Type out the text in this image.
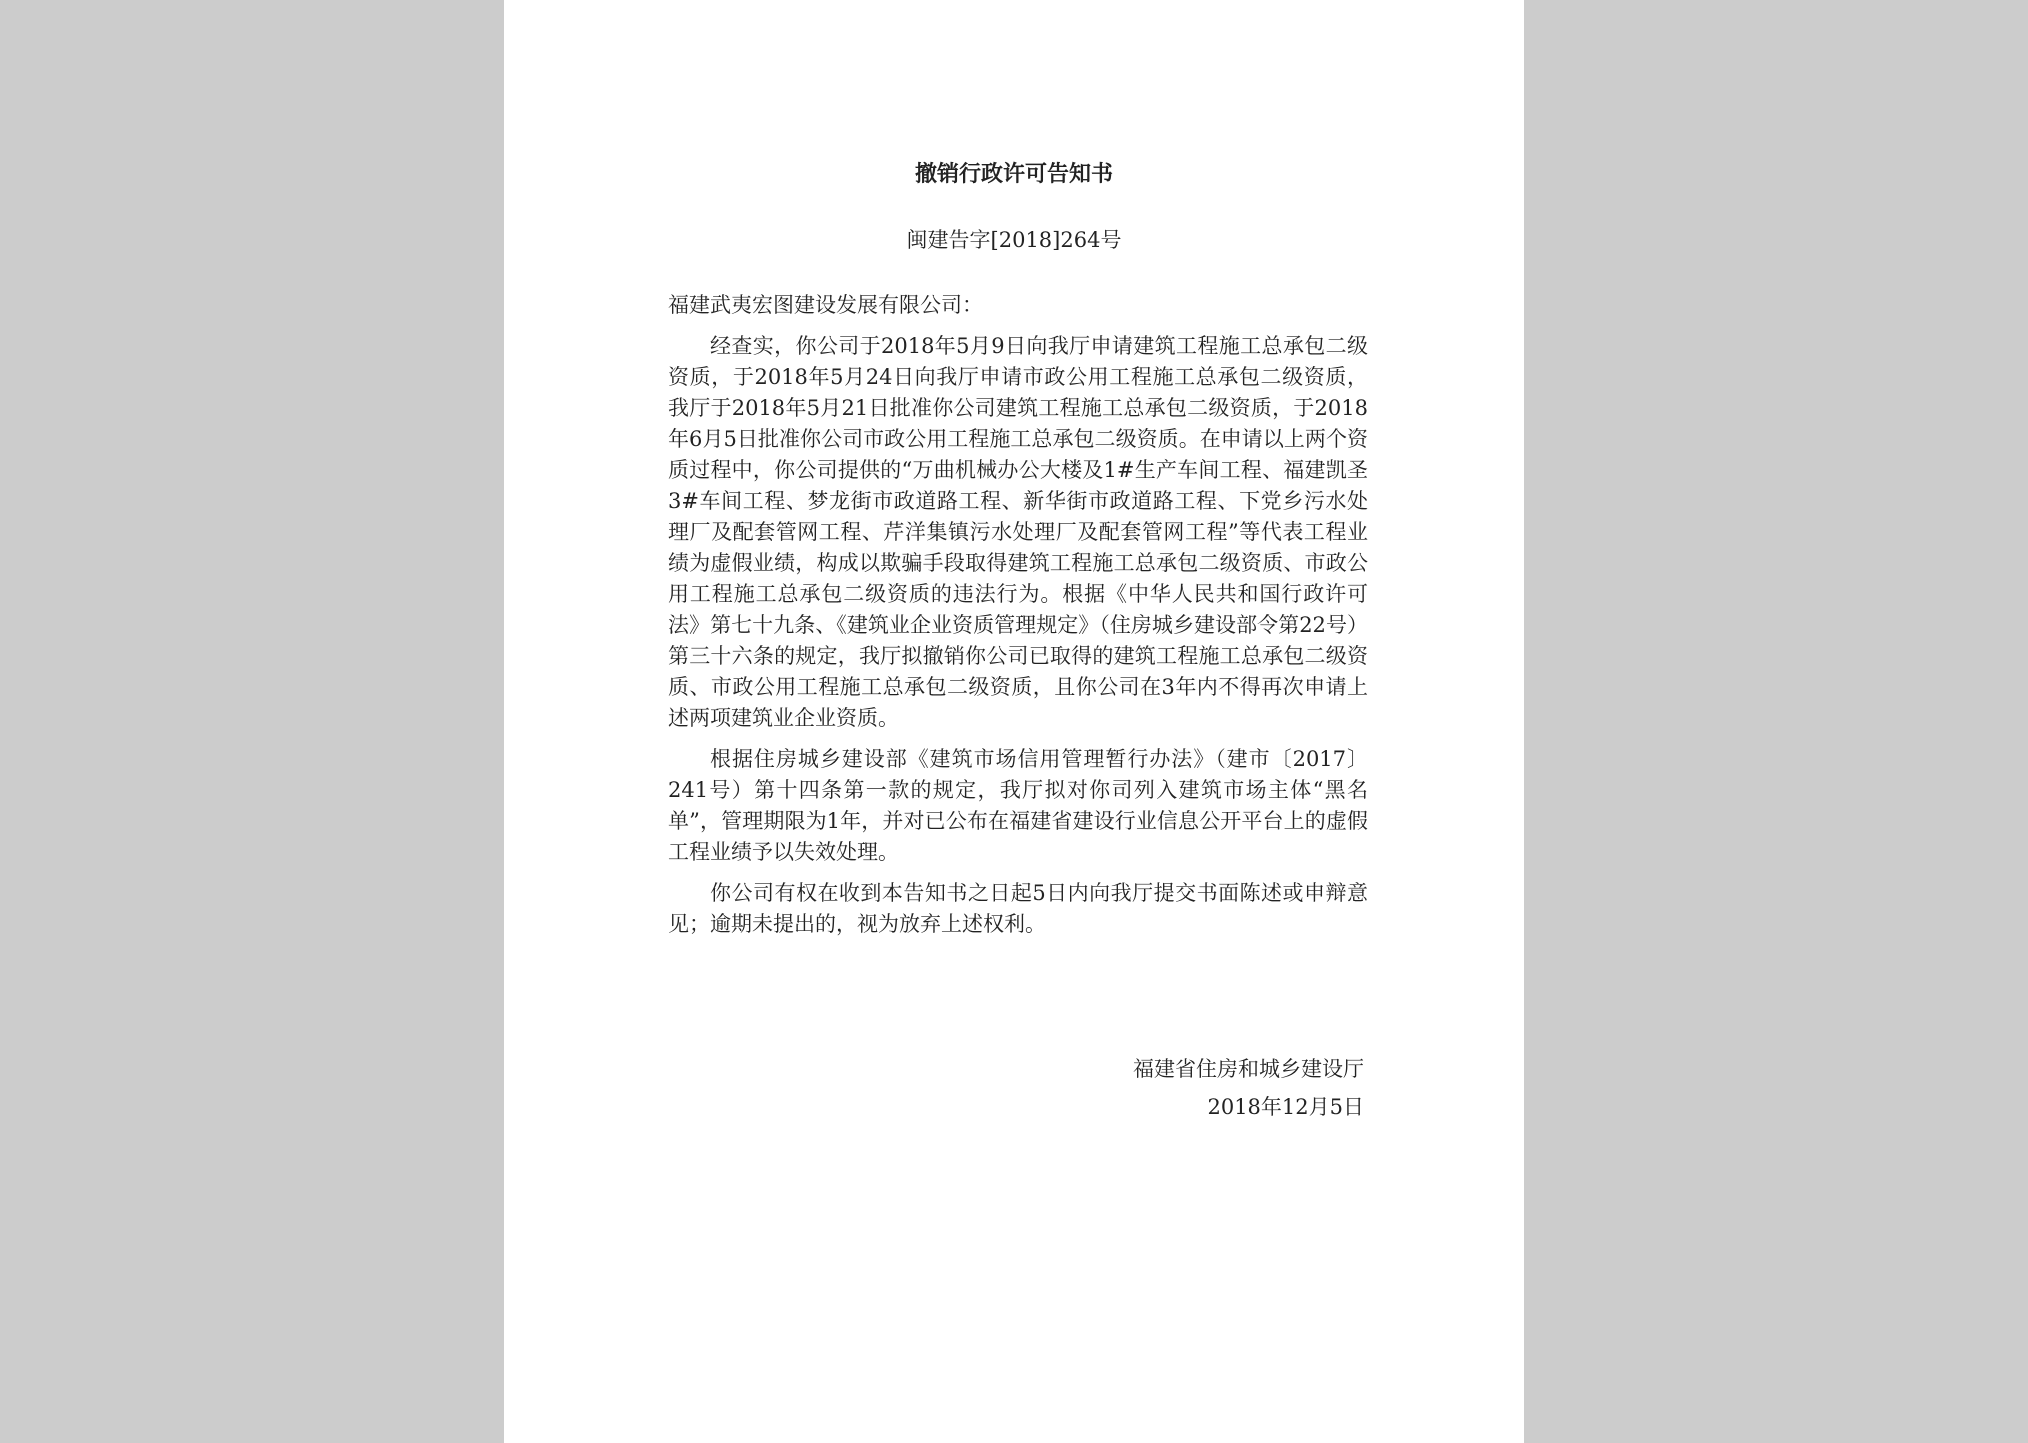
撤销行政许可告知书

闽建告字[2018]264号

福建武夷宏图建设发展有限公司：

经查实，你公司于2018年5月9日向我厅申请建筑工程施工总承包二级资质，于2018年5月24日向我厅申请市政公用工程施工总承包二级资质，我厅于2018年5月21日批准你公司建筑工程施工总承包二级资质，于2018年6月5日批准你公司市政公用工程施工总承包二级资质。在申请以上两个资质过程中，你公司提供的“万曲机械办公大楼及1#生产车间工程、福建凯圣3#车间工程、梦龙街市政道路工程、新华街市政道路工程、下党乡污水处理厂及配套管网工程、芹洋集镇污水处理厂及配套管网工程”等代表工程业绩为虚假业绩，构成以欺骗手段取得建筑工程施工总承包二级资质、市政公用工程施工总承包二级资质的违法行为。根据《中华人民共和国行政许可法》第七十九条、《建筑业企业资质管理规定》（住房城乡建设部令第22号）第三十六条的规定，我厅拟撤销你公司已取得的建筑工程施工总承包二级资质、市政公用工程施工总承包二级资质，且你公司在3年内不得再次申请上述两项建筑业企业资质。

根据住房城乡建设部《建筑市场信用管理暂行办法》（建市〔2017〕241号）第十四条第一款的规定，我厅拟对你司列入建筑市场主体“黑名单”，管理期限为1年，并对已公布在福建省建设行业信息公开平台上的虚假工程业绩予以失效处理。

你公司有权在收到本告知书之日起5日内向我厅提交书面陈述或申辩意见；逾期未提出的，视为放弃上述权利。

福建省住房和城乡建设厅
2018年12月5日
